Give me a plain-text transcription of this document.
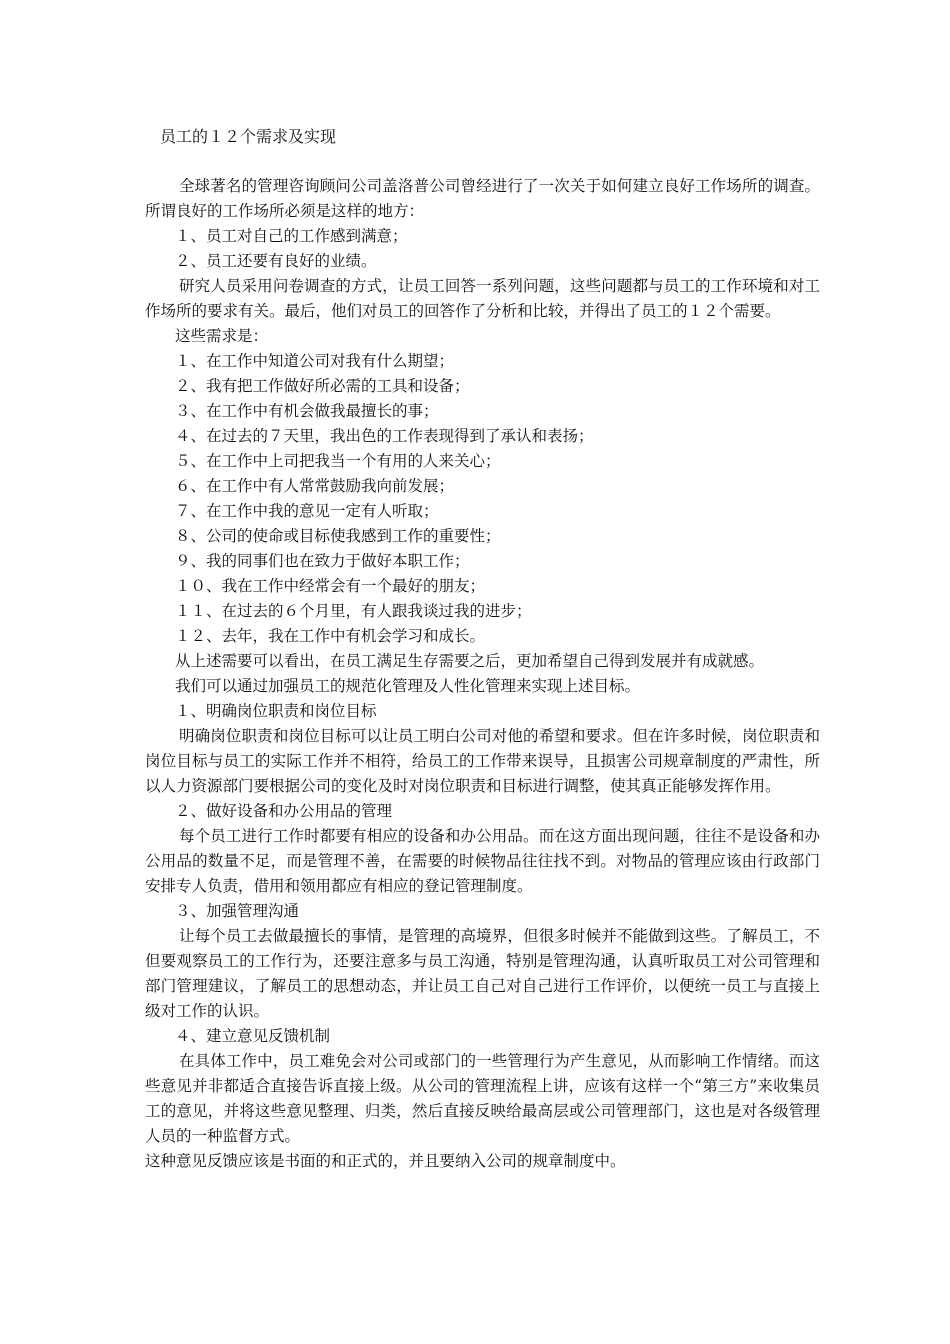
员工的１２个需求及实现

全球著名的管理咨询顾问公司盖洛普公司曾经进行了一次关于如何建立良好工作场所的调查。所谓良好的工作场所必须是这样的地方：

１、员工对自己的工作感到满意；

２、员工还要有良好的业绩。

研究人员采用问卷调查的方式，让员工回答一系列问题，这些问题都与员工的工作环境和对工作场所的要求有关。最后，他们对员工的回答作了分析和比较，并得出了员工的１２个需要。

这些需求是：

１、在工作中知道公司对我有什么期望；

２、我有把工作做好所必需的工具和设备；

３、在工作中有机会做我最擅长的事；

４、在过去的７天里，我出色的工作表现得到了承认和表扬；

５、在工作中上司把我当一个有用的人来关心；

６、在工作中有人常常鼓励我向前发展；

７、在工作中我的意见一定有人听取；

８、公司的使命或目标使我感到工作的重要性；

９、我的同事们也在致力于做好本职工作；

１０、我在工作中经常会有一个最好的朋友；

１１、在过去的６个月里，有人跟我谈过我的进步；

１２、去年，我在工作中有机会学习和成长。

从上述需要可以看出，在员工满足生存需要之后，更加希望自己得到发展并有成就感。

我们可以通过加强员工的规范化管理及人性化管理来实现上述目标。

１、明确岗位职责和岗位目标

明确岗位职责和岗位目标可以让员工明白公司对他的希望和要求。但在许多时候，岗位职责和岗位目标与员工的实际工作并不相符，给员工的工作带来误导，且损害公司规章制度的严肃性，所以人力资源部门要根据公司的变化及时对岗位职责和目标进行调整，使其真正能够发挥作用。

２、做好设备和办公用品的管理

每个员工进行工作时都要有相应的设备和办公用品。而在这方面出现问题，往往不是设备和办公用品的数量不足，而是管理不善，在需要的时候物品往往找不到。对物品的管理应该由行政部门安排专人负责，借用和领用都应有相应的登记管理制度。

３、加强管理沟通

让每个员工去做最擅长的事情，是管理的高境界，但很多时候并不能做到这些。了解员工，不但要观察员工的工作行为，还要注意多与员工沟通，特别是管理沟通，认真听取员工对公司管理和部门管理建议，了解员工的思想动态，并让员工自己对自己进行工作评价，以便统一员工与直接上级对工作的认识。

４、建立意见反馈机制

在具体工作中，员工难免会对公司或部门的一些管理行为产生意见，从而影响工作情绪。而这些意见并非都适合直接告诉直接上级。从公司的管理流程上讲，应该有这样一个“第三方”来收集员工的意见，并将这些意见整理、归类，然后直接反映给最高层或公司管理部门，这也是对各级管理人员的一种监督方式。

这种意见反馈应该是书面的和正式的，并且要纳入公司的规章制度中。
